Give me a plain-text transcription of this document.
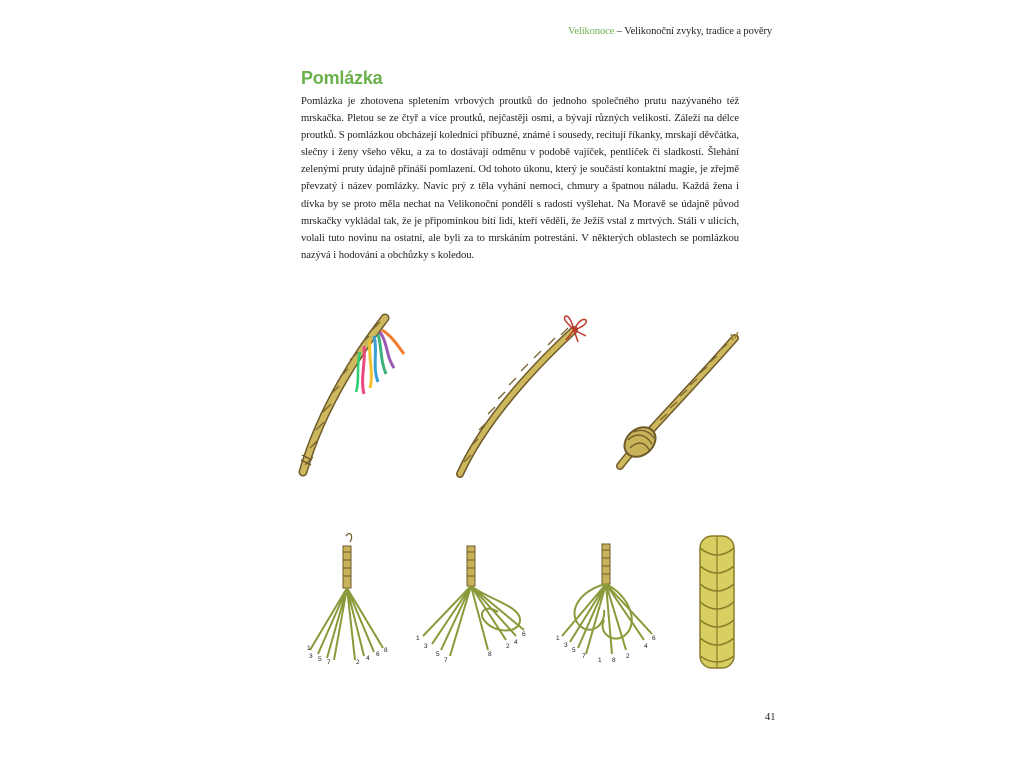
Velikonoce – Velikonoční zvyky, tradice a pověry
Pomlázka

Pomlázka je zhotovena spletením vrbových proutků do jednoho společného prutu nazývaného též mrskačka. Pletou se ze čtyř a více proutků, nejčastěji osmi, a bývají různých velikostí. Záleží na délce proutků. S pomlázkou obcházejí koledníci příbuzné, známé i sousedy, recitují říkanky, mrskají děvčátka, slečny i ženy všeho věku, a za to dostávají odměnu v podobě vajíček, pentliček či sladkostí. Šlehání zelenými pruty údajně přináší pomlazení. Od tohoto úkonu, který je součástí kontaktní magie, je zřejmě převzatý i název pomlázky. Navíc prý z těla vyhání nemoci, chmury a špatnou náladu. Každá žena i dívka by se proto měla nechat na Velikonoční pondělí s radostí vyšlehat. Na Moravě se údajně původ mrskačky vykládal tak, že je připomínkou bití lidí, kteří věděli, že Ježíš vstal z mrtvých. Stáli v ulicích, volali tuto novinu na ostatní, ale byli za to mrskáním potrestáni. V některých oblastech se pomlázkou nazývá i hodování a obchůzky s koledou.

1
3 5 7	2
4
6
8
1
3
5
7
8
2
4
6
1
3
5
7
1 8
2
4
6
41
